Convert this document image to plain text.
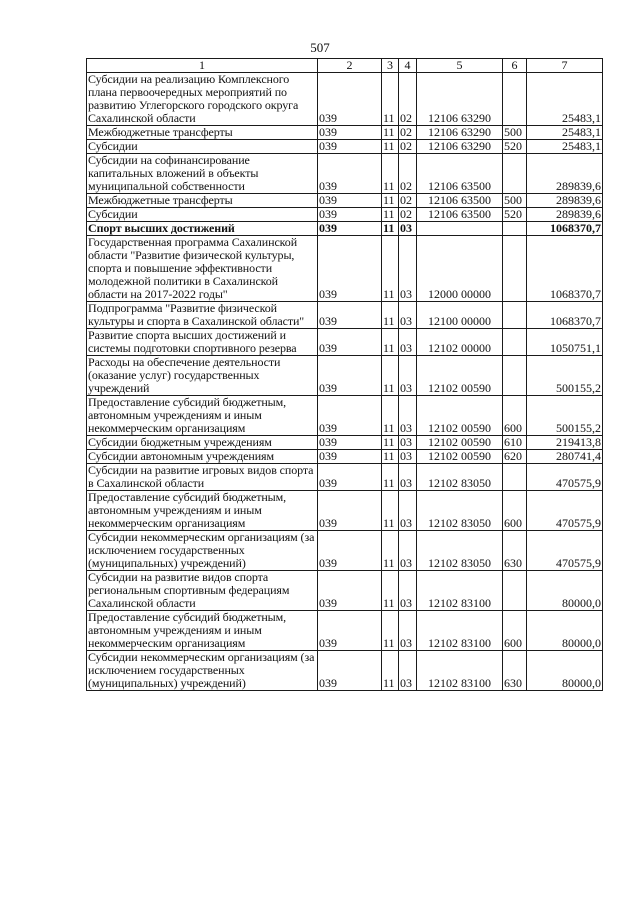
507
1	2	3	4	5	6	7
Субсидии на реализацию Комплексного плана первоочередных мероприятий по развитию Углегорского городского округа Сахалинской области	039	11	02	12106 63290		25483,1
Межбюджетные трансферты	039	11	02	12106 63290	500	25483,1
Субсидии	039	11	02	12106 63290	520	25483,1
Субсидии на софинансирование капитальных вложений в объекты муниципальной собственности	039	11	02	12106 63500		289839,6
Межбюджетные трансферты	039	11	02	12106 63500	500	289839,6
Субсидии	039	11	02	12106 63500	520	289839,6
Спорт высших достижений	039	11	03			1068370,7
Государственная программа Сахалинской области "Развитие физической культуры, спорта и повышение эффективности молодежной политики в Сахалинской области на 2017-2022 годы"	039	11	03	12000 00000		1068370,7
Подпрограмма "Развитие физической культуры и спорта в Сахалинской области"	039	11	03	12100 00000		1068370,7
Развитие спорта высших достижений и системы подготовки спортивного резерва	039	11	03	12102 00000		1050751,1
Расходы на обеспечение деятельности (оказание услуг) государственных учреждений	039	11	03	12102 00590		500155,2
Предоставление субсидий бюджетным, автономным учреждениям и иным некоммерческим организациям	039	11	03	12102 00590	600	500155,2
Субсидии бюджетным учреждениям	039	11	03	12102 00590	610	219413,8
Субсидии автономным учреждениям	039	11	03	12102 00590	620	280741,4
Субсидии на развитие игровых видов спорта в Сахалинской области	039	11	03	12102 83050		470575,9
Предоставление субсидий бюджетным, автономным учреждениям и иным некоммерческим организациям	039	11	03	12102 83050	600	470575,9
Субсидии некоммерческим организациям (за исключением государственных (муниципальных) учреждений)	039	11	03	12102 83050	630	470575,9
Субсидии на развитие видов спорта региональным спортивным федерациям Сахалинской области	039	11	03	12102 83100		80000,0
Предоставление субсидий бюджетным, автономным учреждениям и иным некоммерческим организациям	039	11	03	12102 83100	600	80000,0
Субсидии некоммерческим организациям (за исключением государственных (муниципальных) учреждений)	039	11	03	12102 83100	630	80000,0
